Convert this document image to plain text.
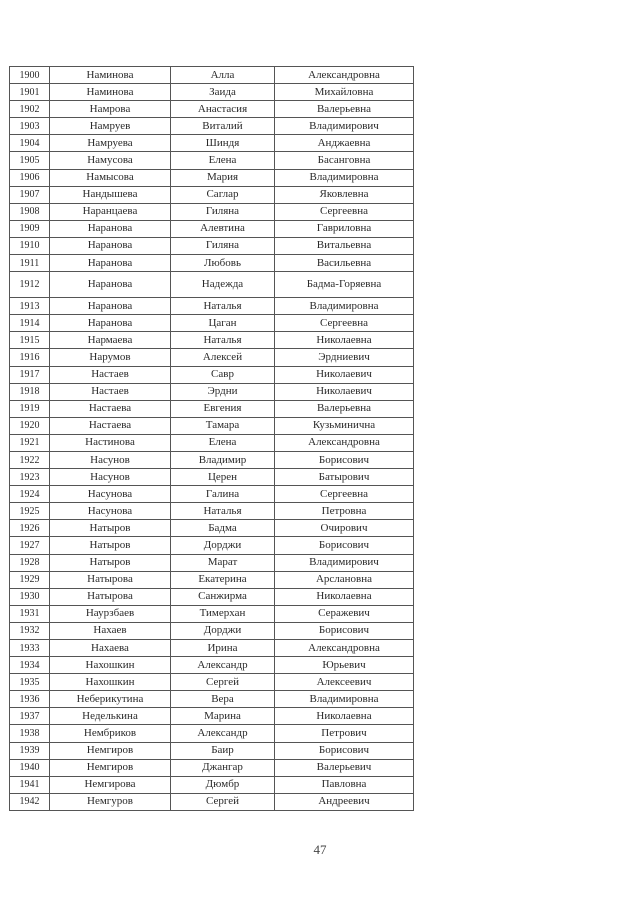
1900	Наминова	Алла	Александровна
1901	Наминова	Заида	Михайловна
1902	Намрова	Анастасия	Валерьевна
1903	Намруев	Виталий	Владимирович
1904	Намруева	Шиндя	Анджаевна
1905	Намусова	Елена	Басанговна
1906	Намысова	Мария	Владимировна
1907	Нандышева	Саглар	Яковлевна
1908	Наранцаева	Гиляна	Сергеевна
1909	Наранова	Алевтина	Гавриловна
1910	Наранова	Гиляна	Витальевна
1911	Наранова	Любовь	Васильевна
1912	Наранова	Надежда	Бадма-Горяевна
1913	Наранова	Наталья	Владимировна
1914	Наранова	Цаган	Сергеевна
1915	Нармаева	Наталья	Николаевна
1916	Нарумов	Алексей	Эрдниевич
1917	Настаев	Савр	Николаевич
1918	Настаев	Эрдни	Николаевич
1919	Настаева	Евгения	Валерьевна
1920	Настаева	Тамара	Кузьминична
1921	Настинова	Елена	Александровна
1922	Насунов	Владимир	Борисович
1923	Насунов	Церен	Батырович
1924	Насунова	Галина	Сергеевна
1925	Насунова	Наталья	Петровна
1926	Натыров	Бадма	Очирович
1927	Натыров	Дорджи	Борисович
1928	Натыров	Марат	Владимирович
1929	Натырова	Екатерина	Арслановна
1930	Натырова	Санжирма	Николаевна
1931	Наурзбаев	Тимерхан	Серажевич
1932	Нахаев	Дорджи	Борисович
1933	Нахаева	Ирина	Александровна
1934	Нахошкин	Александр	Юрьевич
1935	Нахошкин	Сергей	Алексеевич
1936	Неберикутина	Вера	Владимировна
1937	Неделькина	Марина	Николаевна
1938	Нембриков	Александр	Петрович
1939	Немгиров	Баир	Борисович
1940	Немгиров	Джангар	Валерьевич
1941	Немгирова	Дюмбр	Павловна
1942	Немгуров	Сергей	Андреевич
47
